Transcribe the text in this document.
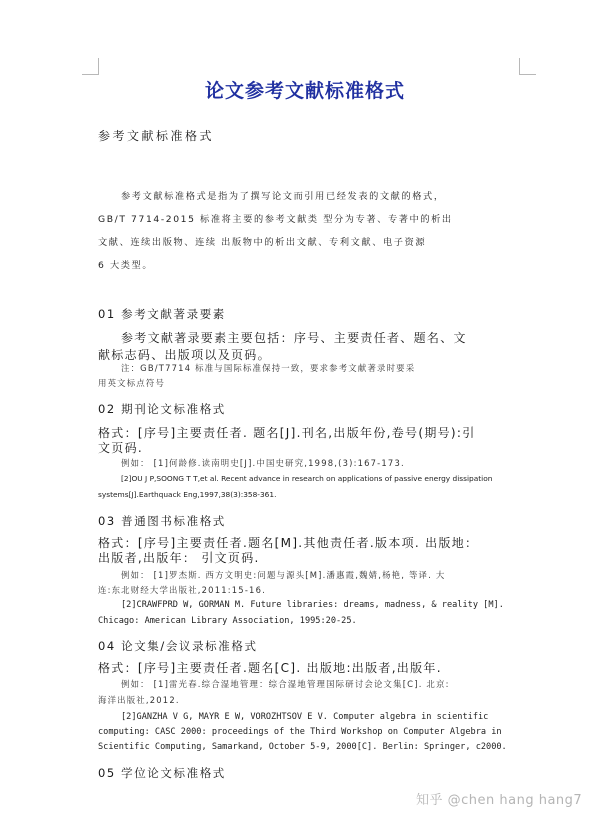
论文参考文献标准格式
参考文献标准格式
参考文献标准格式是指为了撰写论文而引用已经发表的文献的格式，
GB/T 7714-2015 标准将主要的参考文献类 型分为专著、专著中的析出
文献、连续出版物、连续 出版物中的析出文献、专利文献、电子资源
6 大类型。
01 参考文献著录要素
参考文献著录要素主要包括：序号、主要责任者、题名、文
献标志码、出版项以及页码。
注：GB/T7714 标准与国际标准保持一致，要求参考文献著录时要采
用英文标点符号
02 期刊论文标准格式
格式：[序号]主要责任者. 题名[J].刊名,出版年份,卷号(期号):引
文页码.
例如： [1]何龄修.读南明史[J].中国史研究,1998,(3):167-173.
[2]OU J P,SOONG T T,et al. Recent advance in research on applications of passive energy dissipation
systems[J].Earthquack Eng,1997,38(3):358-361.
03 普通图书标准格式
格式：[序号]主要责任者.题名[M].其他责任者.版本项. 出版地：
出版者,出版年： 引文页码.
例如： [1]罗杰斯. 西方文明史:问题与源头[M].潘惠霞,魏婧,杨艳, 等译. 大
连:东北财经大学出版社,2011:15-16.
[2]CRAWFPRD W, GORMAN M. Future libraries: dreams, madness, & reality [M].
Chicago: American Library Association, 1995:20-25.
04 论文集/会议录标准格式
格式：[序号]主要责任者.题名[C]. 出版地:出版者,出版年.
例如： [1]雷光春.综合湿地管理：综合湿地管理国际研讨会论文集[C]. 北京:
海洋出版社,2012.
[2]GANZHA V G, MAYR E W, VOROZHTSOV E V. Computer algebra in scientific
computing: CASC 2000: proceedings of the Third Workshop on Computer Algebra in
Scientific Computing, Samarkand, October 5-9, 2000[C]. Berlin: Springer, c2000.
05 学位论文标准格式
知乎 @chen hang hang7
